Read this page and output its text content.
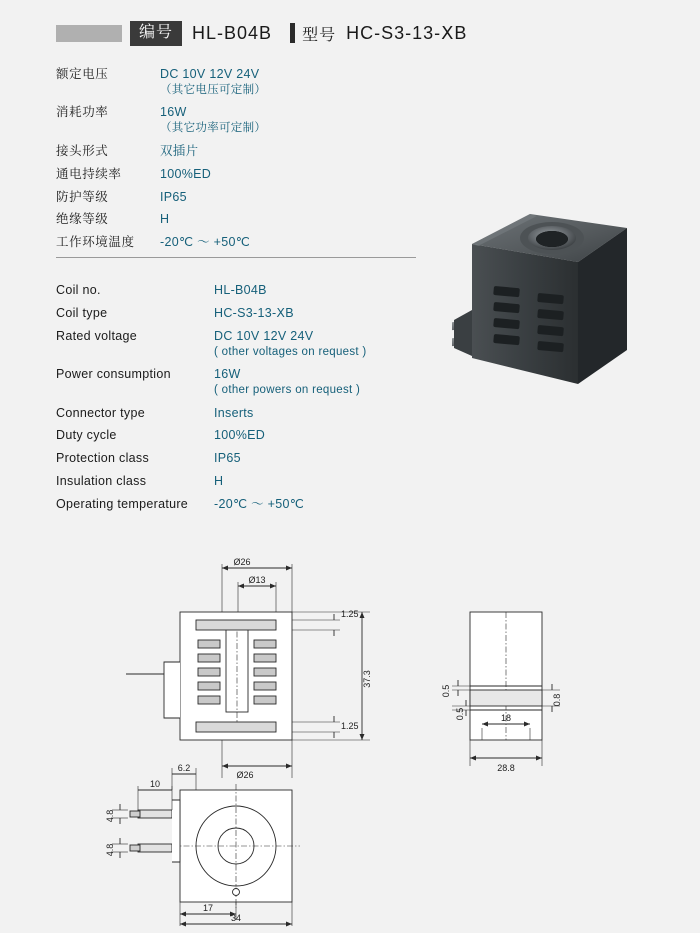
编号	HL-B04B 型号 HC-S3-13-ⅩB
额定电压	DC 10V 12V 24V
（其它电压可定制）
消耗功率	16W
（其它功率可定制）
接头形式	双插片
通电持续率	100%ED
防护等级	IP65
绝缘等级	H
工作环境温度	-20℃ ～ +50℃
Coil no.	HL-B04B
Coil type	HC-S3-13-ⅩB
Rated voltage	DC 10V 12V 24V
( other voltages on request )
Power consumption	16W
( other powers on request )
Connector type	Inserts
Duty cycle	100%ED
Protection class	IP65
Insulation class	H
Operating temperature	-20℃ ～ +50℃
Ø26
Ø13
1.25
1.25
37.3
Ø26
0.5
0.5
0.8
18
28.8
6.2
10
4.8
4.8
17
34
